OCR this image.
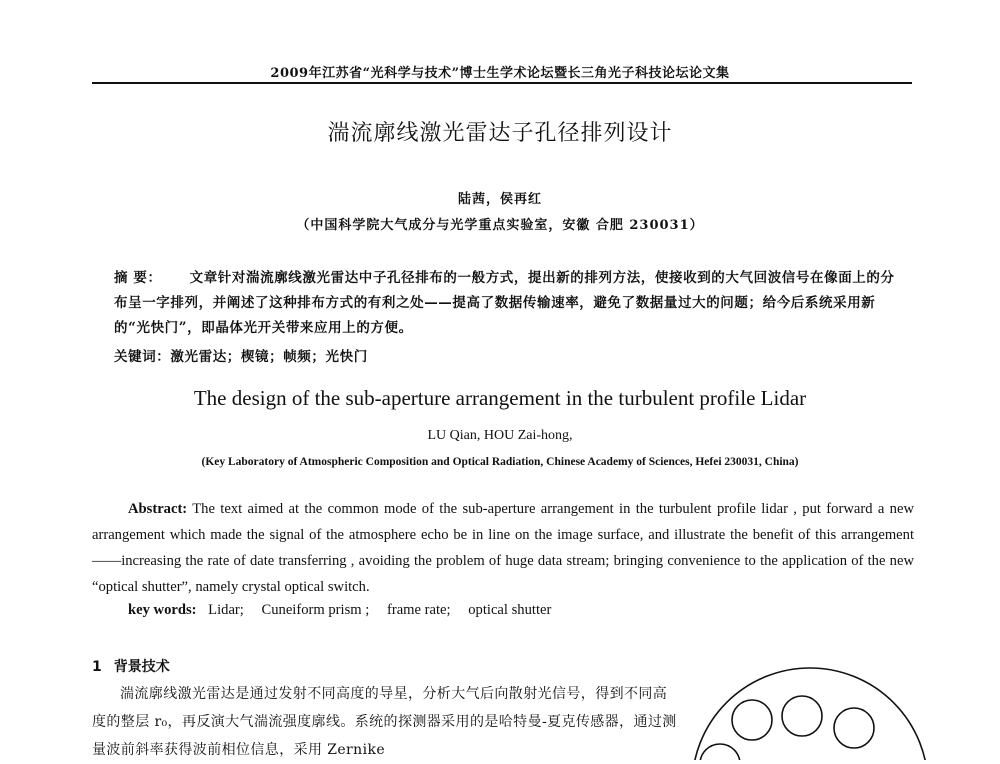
2009年江苏省“光科学与技术”博士生学术论坛暨长三角光子科技论坛论文集
湍流廓线激光雷达子孔径排列设计
陆茜，侯再红
（中国科学院大气成分与光学重点实验室，安徽 合肥 230031）
摘 要： 文章针对湍流廓线激光雷达中子孔径排布的一般方式，提出新的排列方法，使接收到的大气回波信号在像面上的分布呈一字排列，并阐述了这种排布方式的有利之处——提高了数据传输速率，避免了数据量过大的问题；给今后系统采用新的“光快门”，即晶体光开关带来应用上的方便。
关键词：激光雷达；楔镜；帧频；光快门
The design of the sub-aperture arrangement in the turbulent profile Lidar
LU Qian, HOU Zai-hong,
(Key Laboratory of Atmospheric Composition and Optical Radiation, Chinese Academy of Sciences, Hefei 230031, China)
Abstract: The text aimed at the common mode of the sub-aperture arrangement in the turbulent profile lidar , put forward a new arrangement which made the signal of the atmosphere echo be in line on the image surface, and illustrate the benefit of this arrangement——increasing the rate of date transferring , avoiding the problem of huge data stream; bringing convenience to the application of the new “optical shutter”, namely crystal optical switch.
key words: Lidar; Cuneiform prism ; frame rate; optical shutter
1 背景技术
湍流廓线激光雷达是通过发射不同高度的导星，分析大气后向散射光信号，得到不同高度的整层 r₀，再反演大气湍流强度廓线。系统的探测器采用的是哈特曼-夏克传感器，通过测量波前斜率获得波前相位信息，采用 Zernike
